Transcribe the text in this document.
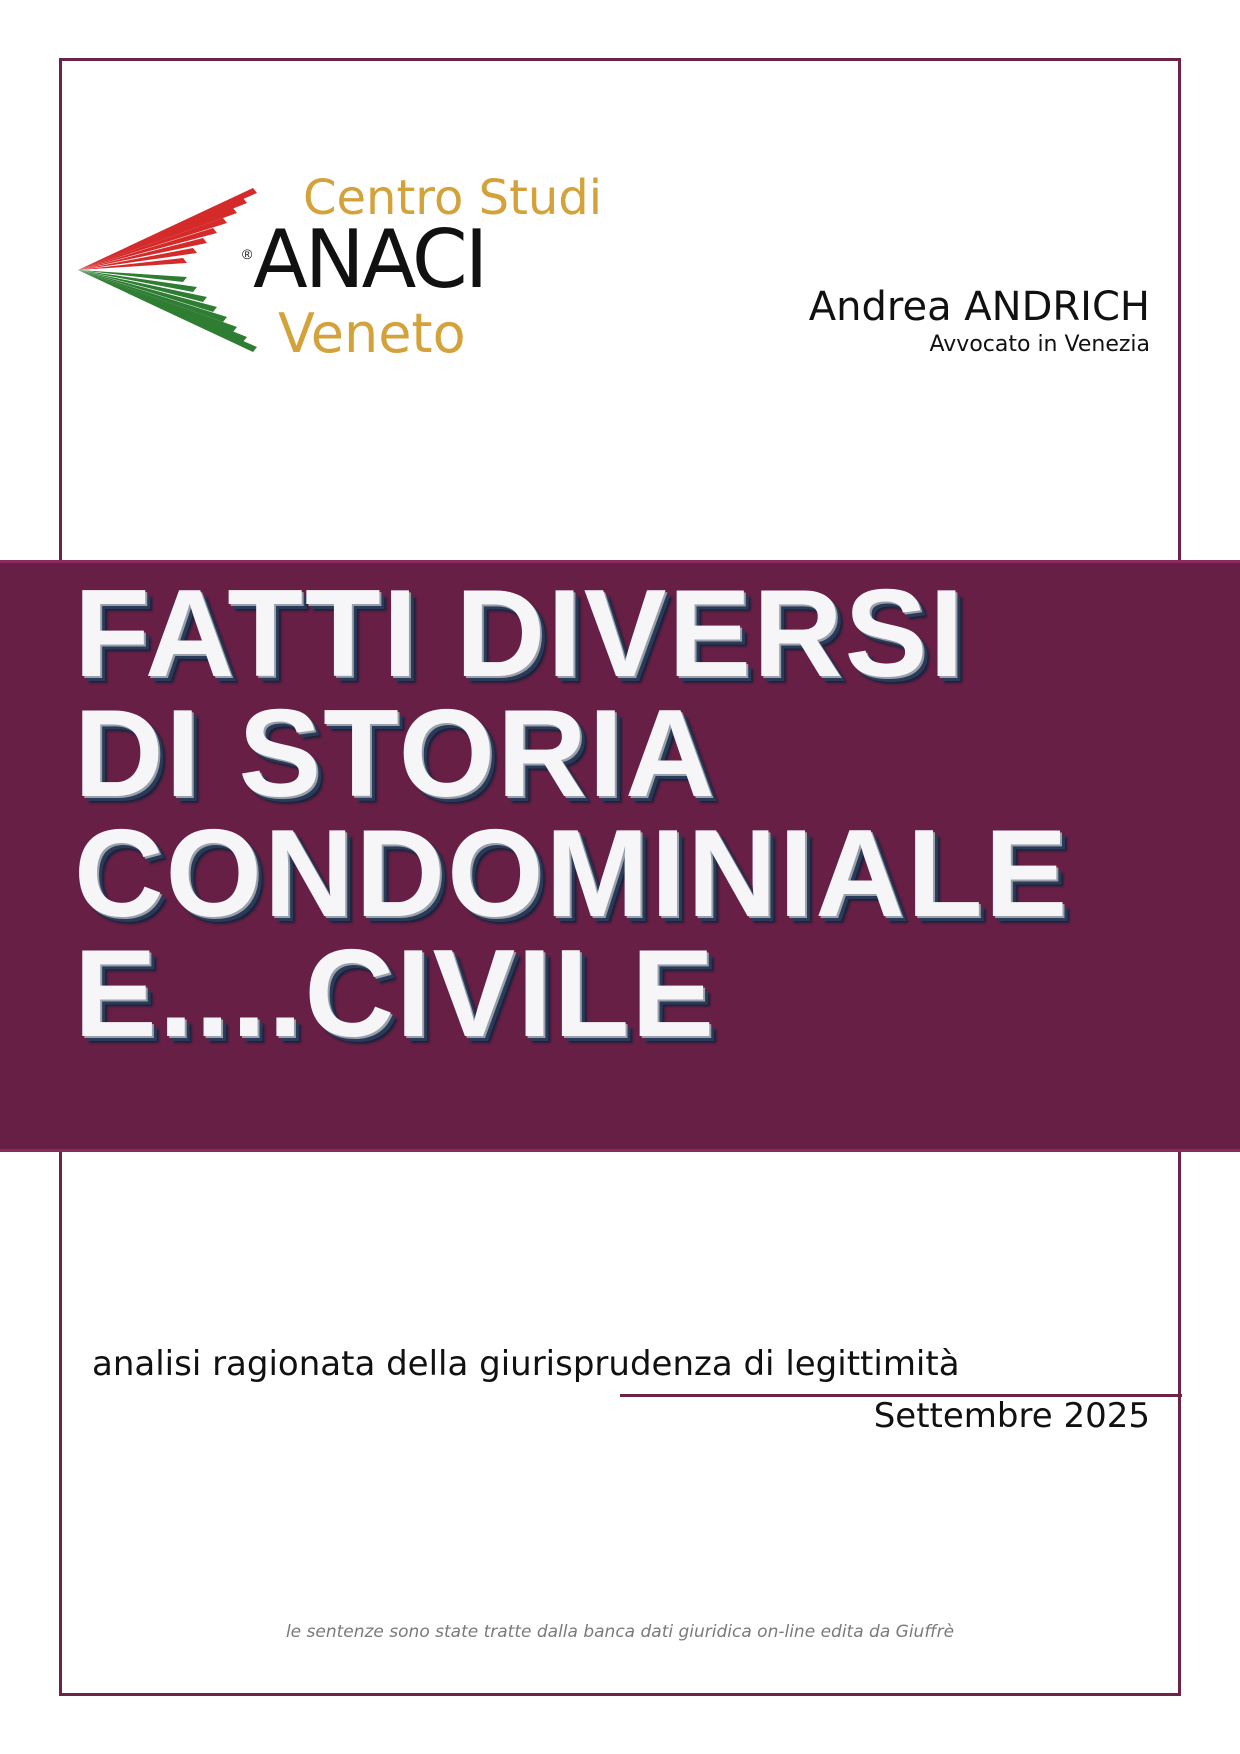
Centro Studi
® ANACI
Veneto	Andrea ANDRICH
Avvocato in Venezia
FATTI DIVERSI
DI STORIA
CONDOMINIALE
E....CIVILE
analisi ragionata della giurisprudenza di legittimità
Settembre 2025
le sentenze sono state tratte dalla banca dati giuridica on-line edita da Giuffrè
